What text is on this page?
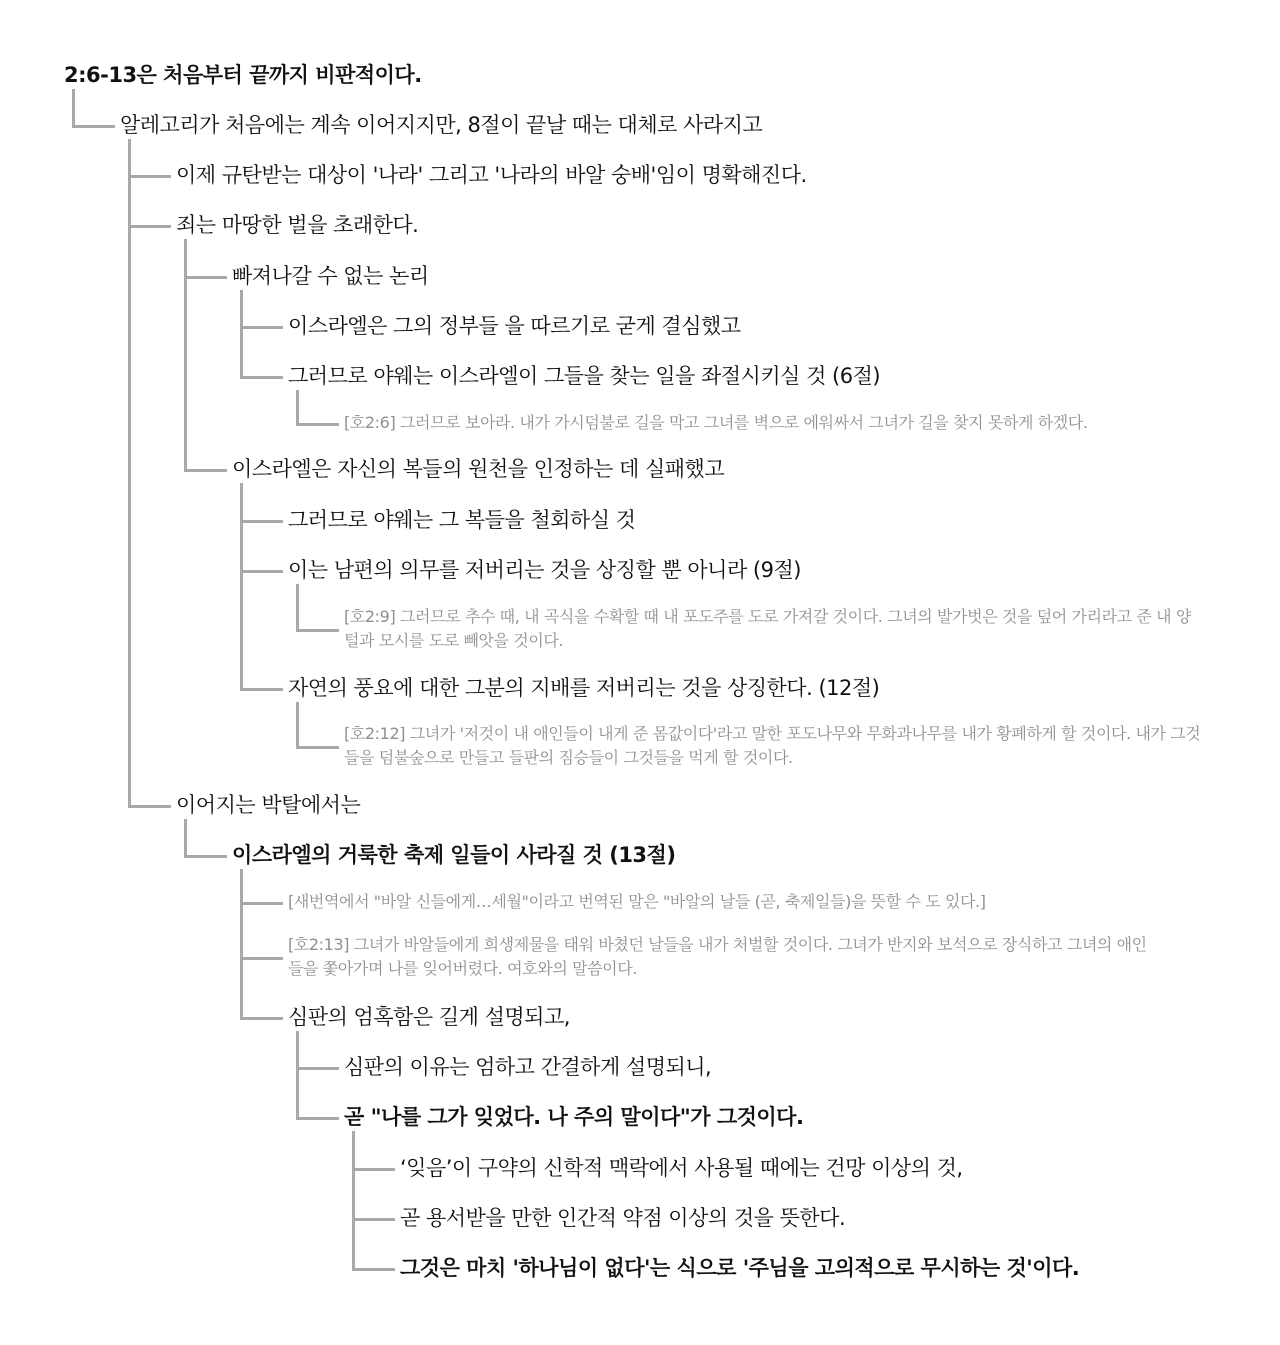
2:6-13은 처음부터 끝까지 비판적이다.
알레고리가 처음에는 계속 이어지지만, 8절이 끝날 때는 대체로 사라지고
이제 규탄받는 대상이 '나라' 그리고 '나라의 바알 숭배'임이 명확해진다.
죄는 마땅한 벌을 초래한다.
빠져나갈 수 없는 논리
이스라엘은 그의 정부들 을 따르기로 굳게 결심했고
그러므로 야웨는 이스라엘이 그들을 찾는 일을 좌절시키실 것 (6절)
[호2:6] 그러므로 보아라. 내가 가시덤불로 길을 막고 그녀를 벽으로 에워싸서 그녀가 길을 찾지 못하게 하겠다.
이스라엘은 자신의 복들의 원천을 인정하는 데 실패했고
그러므로 야웨는 그 복들을 철회하실 것
이는 남편의 의무를 저버리는 것을 상징할 뿐 아니라 (9절)
[호2:9] 그러므로 추수 때, 내 곡식을 수확할 때 내 포도주를 도로 가져갈 것이다. 그녀의 발가벗은 것을 덮어 가리라고 준 내 양털과 모시를 도로 빼앗을 것이다.
자연의 풍요에 대한 그분의 지배를 저버리는 것을 상징한다. (12절)
[호2:12] 그녀가 '저것이 내 애인들이 내게 준 몸값이다'라고 말한 포도나무와 무화과나무를 내가 황폐하게 할 것이다. 내가 그것들을 덤불숲으로 만들고 들판의 짐승들이 그것들을 먹게 할 것이다.
이어지는 박탈에서는
이스라엘의 거룩한 축제 일들이 사라질 것 (13절)
[새번역에서 "바알 신들에게…세월"이라고 번역된 말은 "바알의 날들 (곧, 축제일들)을 뜻할 수 도 있다.]
[호2:13] 그녀가 바알들에게 희생제물을 태워 바쳤던 날들을 내가 처벌할 것이다. 그녀가 반지와 보석으로 장식하고 그녀의 애인들을 쫓아가며 나를 잊어버렸다. 여호와의 말씀이다.
심판의 엄혹함은 길게 설명되고,
심판의 이유는 엄하고 간결하게 설명되니,
곧 "나를 그가 잊었다. 나 주의 말이다"가 그것이다.
‘잊음’이 구약의 신학적 맥락에서 사용될 때에는 건망 이상의 것,
곧 용서받을 만한 인간적 약점 이상의 것을 뜻한다.
그것은 마치 '하나님이 없다'는 식으로 '주님을 고의적으로 무시하는 것'이다.
